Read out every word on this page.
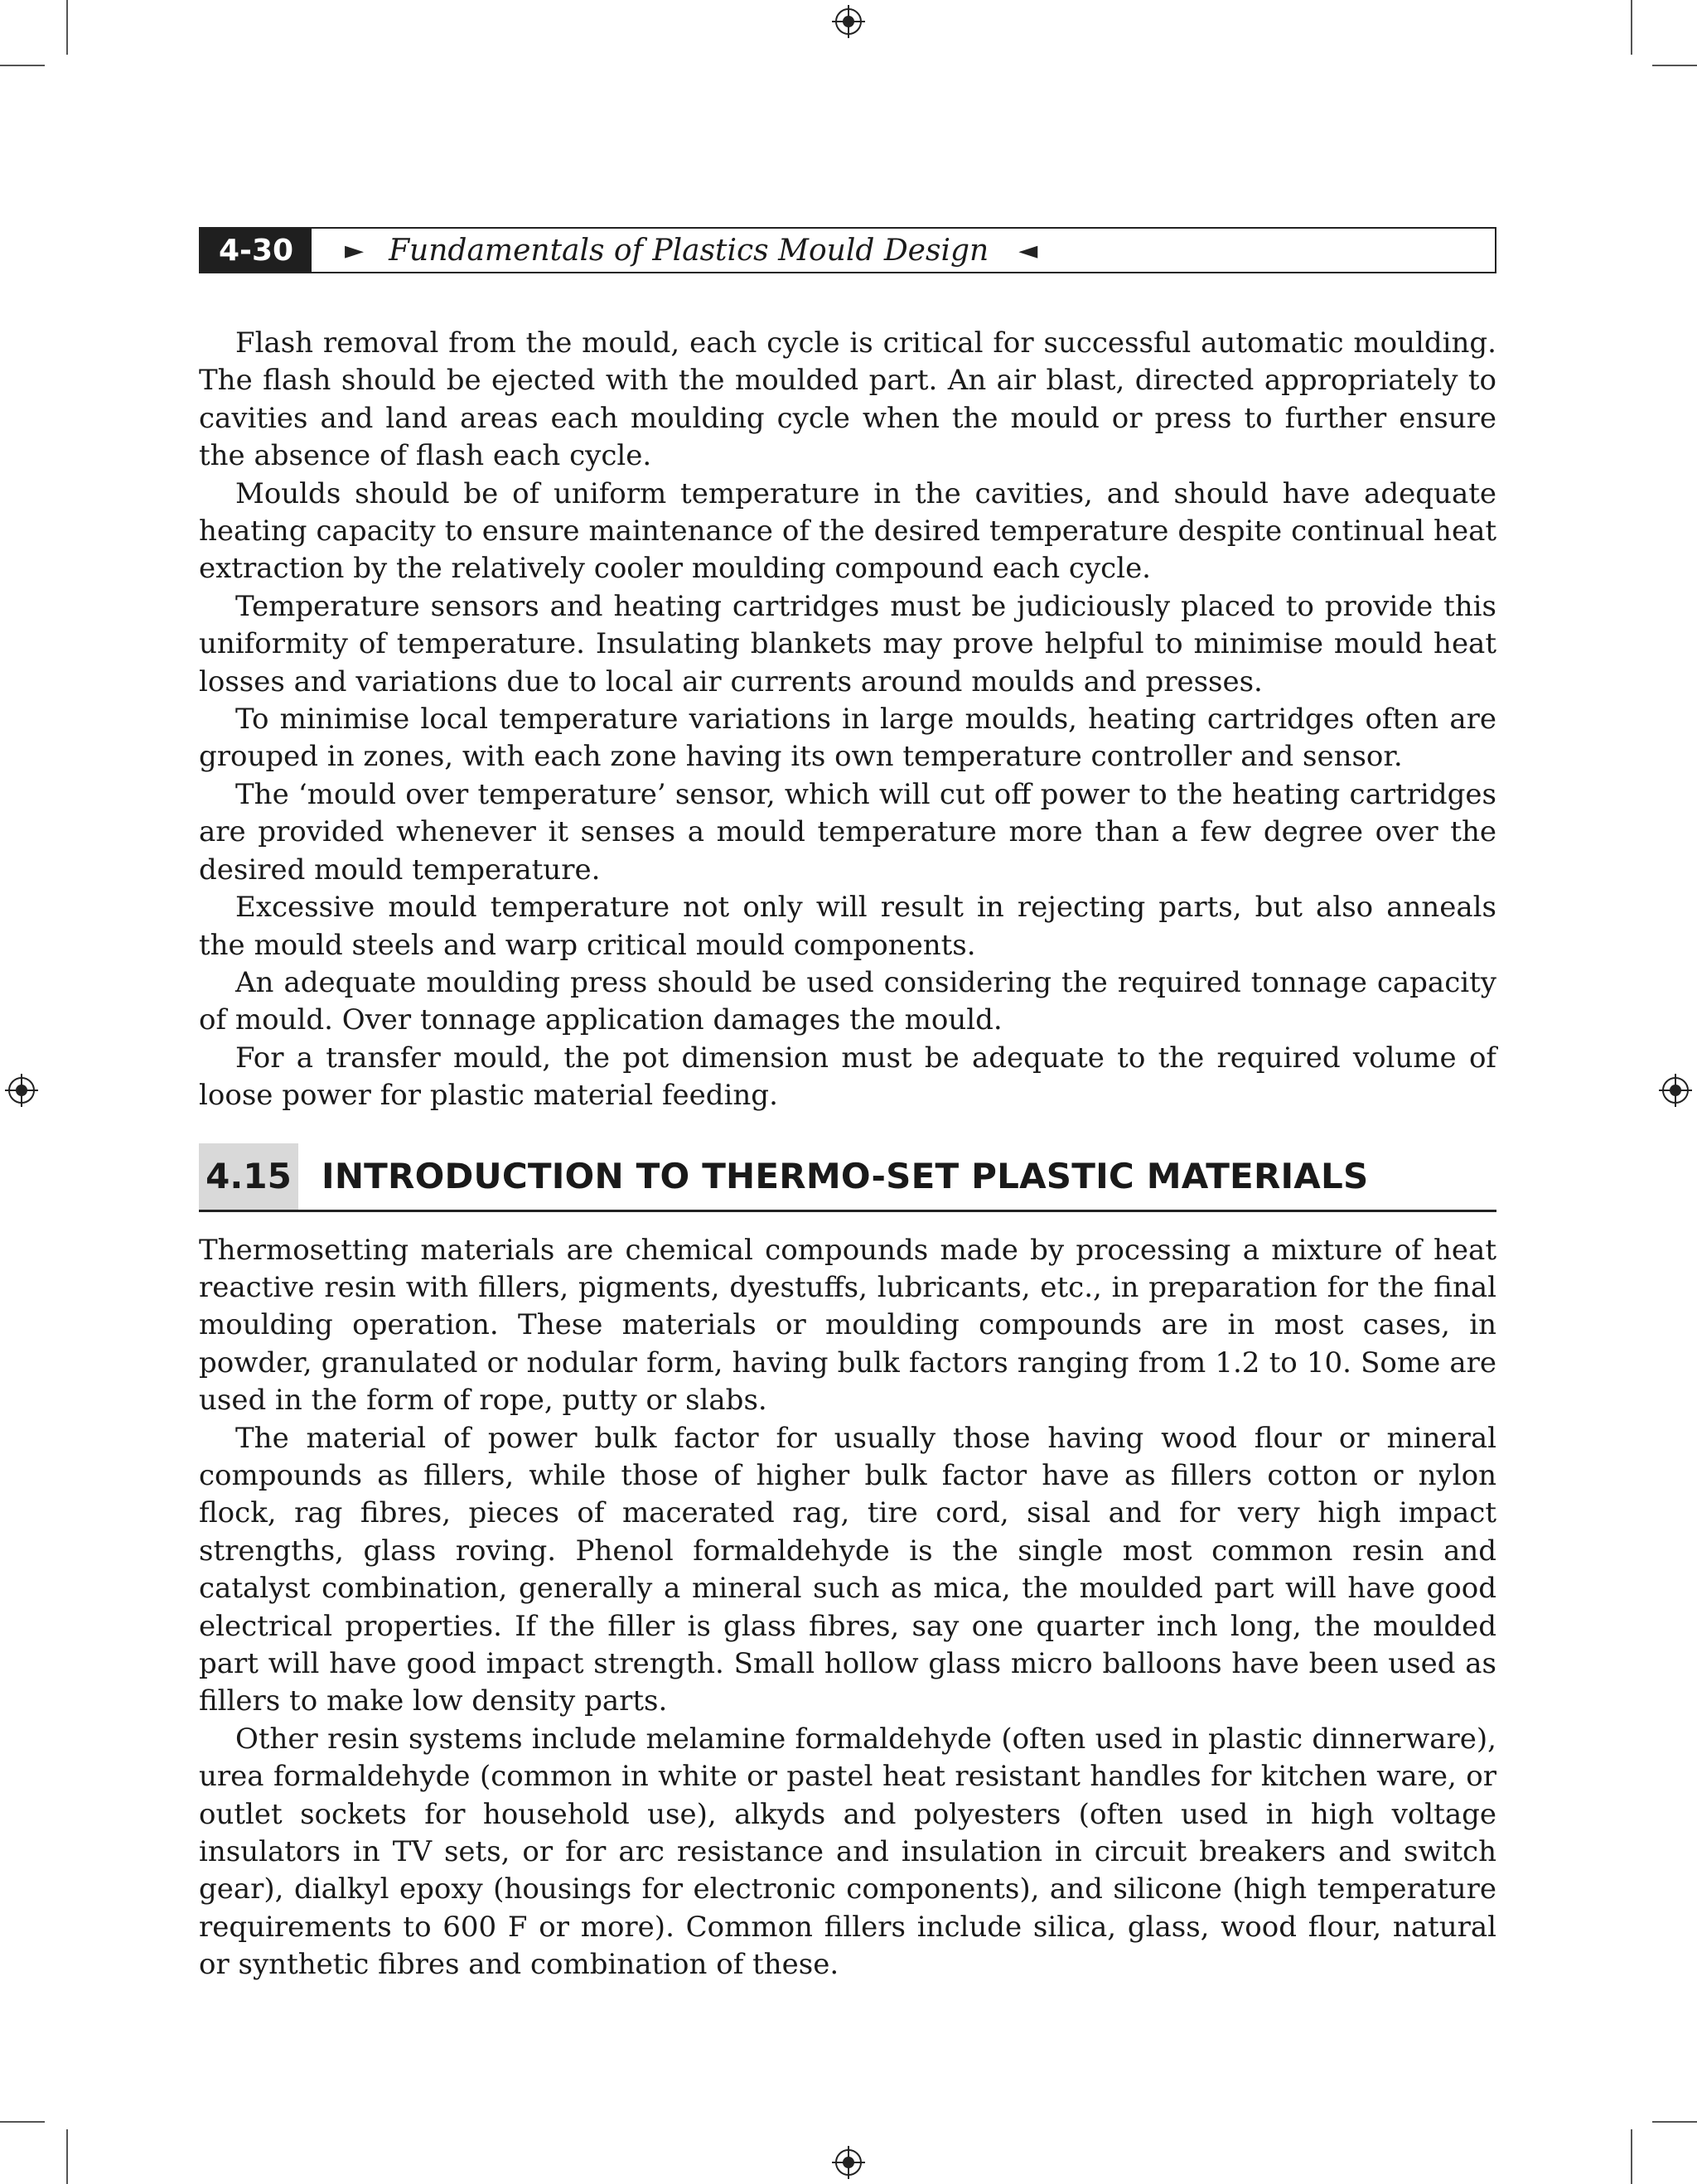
4-30	► Fundamentals of Plastics Mould Design ◄

Flash removal from the mould, each cycle is critical for successful automatic moulding. The flash should be ejected with the moulded part. An air blast, directed appropriately to cavities and land areas each moulding cycle when the mould or press to further ensure the absence of flash each cycle.

Moulds should be of uniform temperature in the cavities, and should have adequate heating capacity to ensure maintenance of the desired temperature despite continual heat extraction by the relatively cooler moulding compound each cycle.

Temperature sensors and heating cartridges must be judiciously placed to provide this uniformity of temperature. Insulating blankets may prove helpful to minimise mould heat losses and variations due to local air currents around moulds and presses.

To minimise local temperature variations in large moulds, heating cartridges often are grouped in zones, with each zone having its own temperature controller and sensor.

The ‘mould over temperature’ sensor, which will cut off power to the heating cartridges are provided whenever it senses a mould temperature more than a few degree over the desired mould temperature.

Excessive mould temperature not only will result in rejecting parts, but also anneals the mould steels and warp critical mould components.

An adequate moulding press should be used considering the required tonnage capacity of mould. Over tonnage application damages the mould.

For a transfer mould, the pot dimension must be adequate to the required volume of loose power for plastic material feeding.

4.15 INTRODUCTION TO THERMO-SET PLASTIC MATERIALS

Thermosetting materials are chemical compounds made by processing a mixture of heat reactive resin with fillers, pigments, dyestuffs, lubricants, etc., in preparation for the final moulding operation. These materials or moulding compounds are in most cases, in powder, granulated or nodular form, having bulk factors ranging from 1.2 to 10. Some are used in the form of rope, putty or slabs.

The material of power bulk factor for usually those having wood flour or mineral compounds as fillers, while those of higher bulk factor have as fillers cotton or nylon flock, rag fibres, pieces of macerated rag, tire cord, sisal and for very high impact strengths, glass roving. Phenol formaldehyde is the single most common resin and catalyst combination, generally a mineral such as mica, the moulded part will have good electrical properties. If the filler is glass fibres, say one quarter inch long, the moulded part will have good impact strength. Small hollow glass micro balloons have been used as fillers to make low density parts.

Other resin systems include melamine formaldehyde (often used in plastic dinnerware), urea formaldehyde (common in white or pastel heat resistant handles for kitchen ware, or outlet sockets for household use), alkyds and polyesters (often used in high voltage insulators in TV sets, or for arc resistance and insulation in circuit breakers and switch gear), dialkyl epoxy (housings for electronic components), and silicone (high temperature requirements to 600 F or more). Common fillers include silica, glass, wood flour, natural or synthetic fibres and combination of these.
